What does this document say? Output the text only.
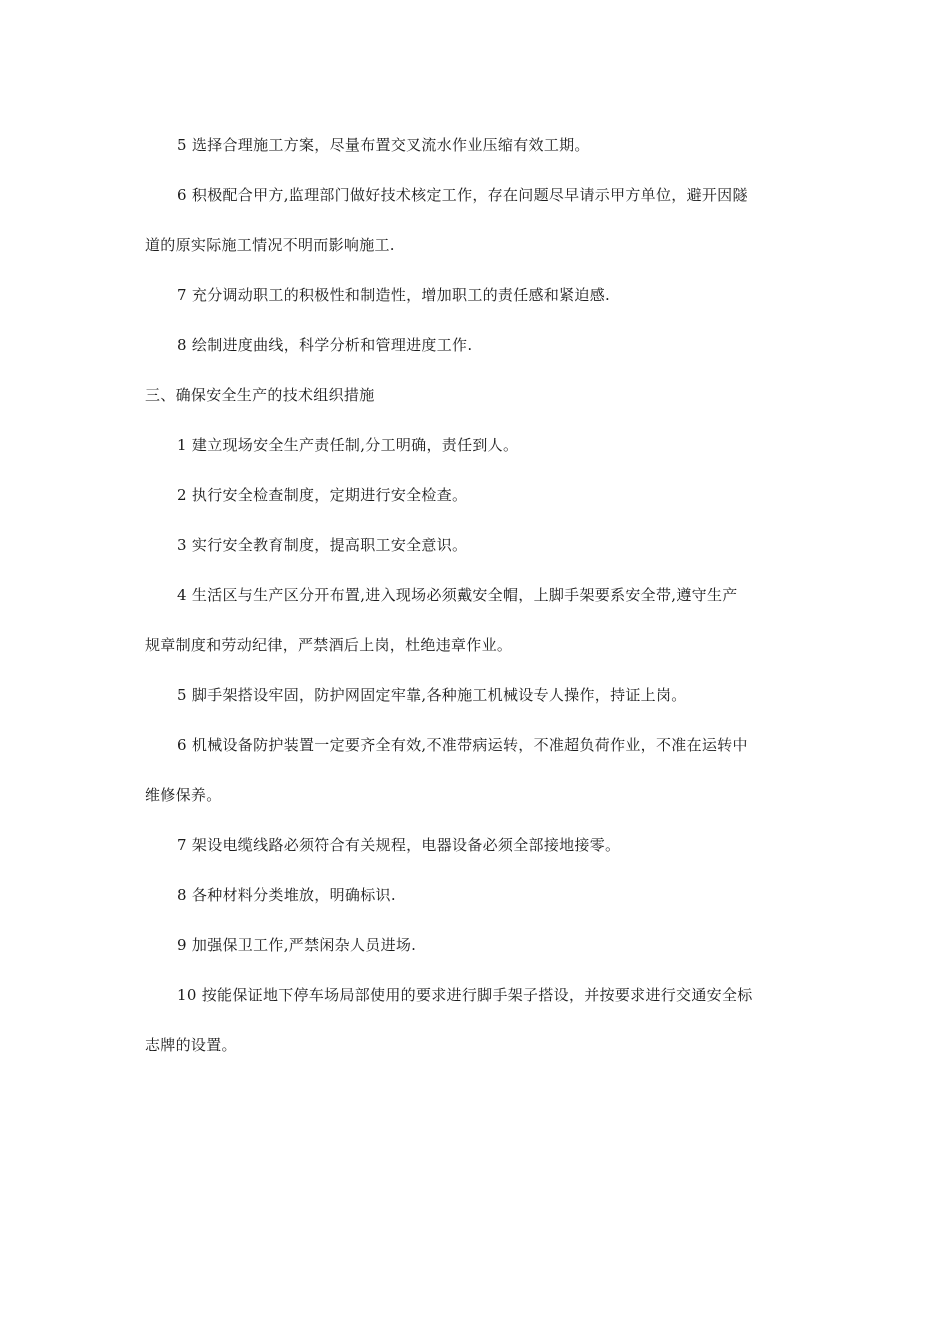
5 选择合理施工方案，尽量布置交叉流水作业压缩有效工期。

6 积极配合甲方,监理部门做好技术核定工作，存在问题尽早请示甲方单位，避开因隧
道的原实际施工情况不明而影响施工.

7 充分调动职工的积极性和制造性，增加职工的责任感和紧迫感.

8 绘制进度曲线，科学分析和管理进度工作.

三、确保安全生产的技术组织措施

1 建立现场安全生产责任制,分工明确，责任到人。

2 执行安全检查制度，定期进行安全检查。

3 实行安全教育制度，提高职工安全意识。

4 生活区与生产区分开布置,进入现场必须戴安全帽，上脚手架要系安全带,遵守生产
规章制度和劳动纪律，严禁酒后上岗，杜绝违章作业。

5 脚手架搭设牢固，防护网固定牢靠,各种施工机械设专人操作，持证上岗。

6 机械设备防护装置一定要齐全有效,不准带病运转，不准超负荷作业，不准在运转中
维修保养。

7 架设电缆线路必须符合有关规程，电器设备必须全部接地接零。

8 各种材料分类堆放，明确标识.

9 加强保卫工作,严禁闲杂人员进场.

10 按能保证地下停车场局部使用的要求进行脚手架子搭设，并按要求进行交通安全标
志牌的设置。
